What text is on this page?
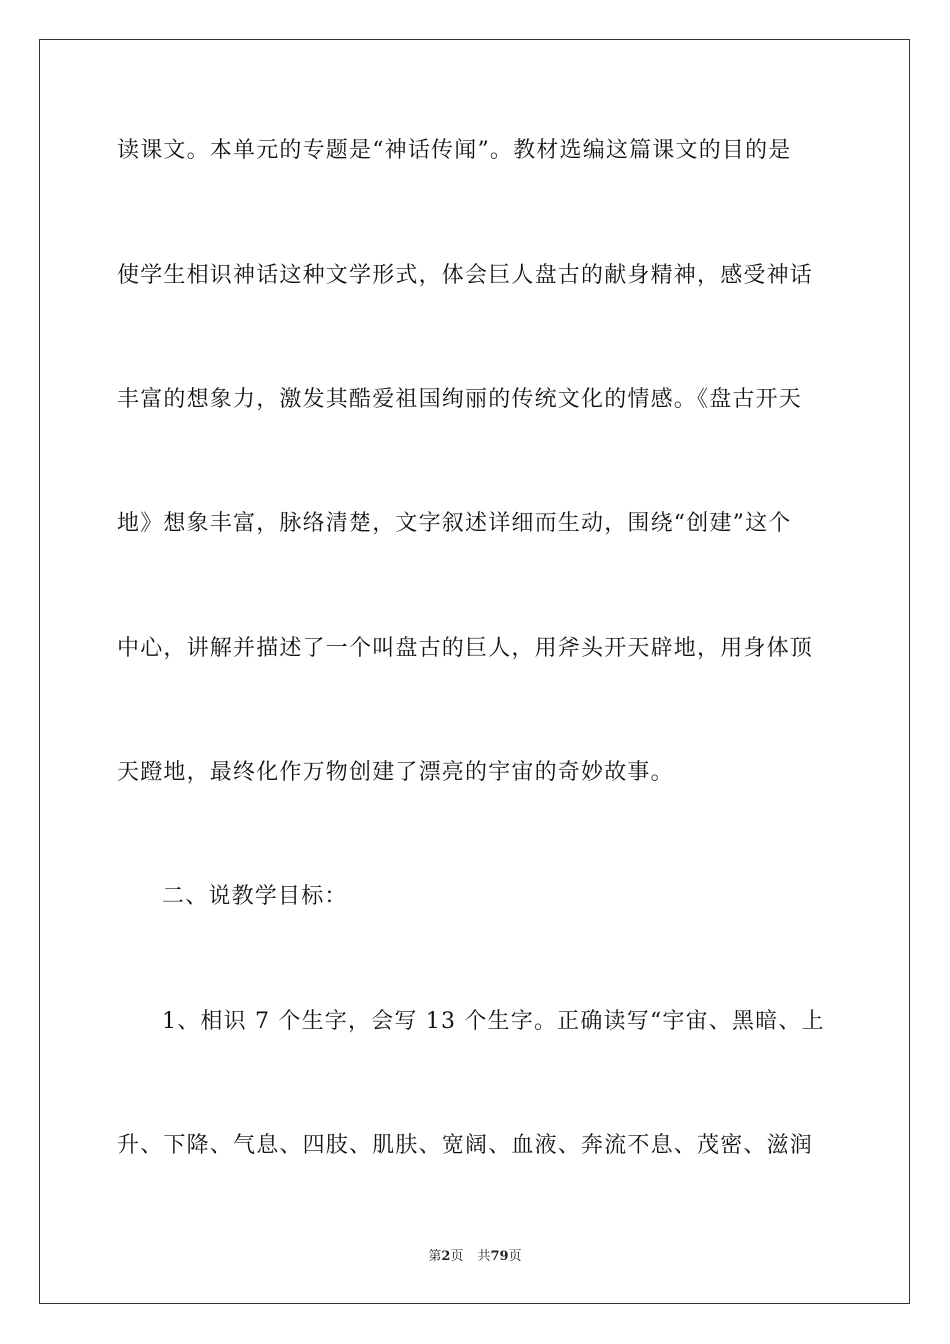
读课文。本单元的专题是“神话传闻”。教材选编这篇课文的目的是
使学生相识神话这种文学形式，体会巨人盘古的献身精神，感受神话
丰富的想象力，激发其酷爱祖国绚丽的传统文化的情感。《盘古开天
地》想象丰富，脉络清楚，文字叙述详细而生动，围绕“创建”这个
中心，讲解并描述了一个叫盘古的巨人，用斧头开天辟地，用身体顶
天蹬地，最终化作万物创建了漂亮的宇宙的奇妙故事。
二、说教学目标：
1、相识 7 个生字，会写 13 个生字。正确读写“宇宙、黑暗、上
升、下降、气息、四肢、肌肤、宽阔、血液、奔流不息、茂密、滋润
第2页 共79页
